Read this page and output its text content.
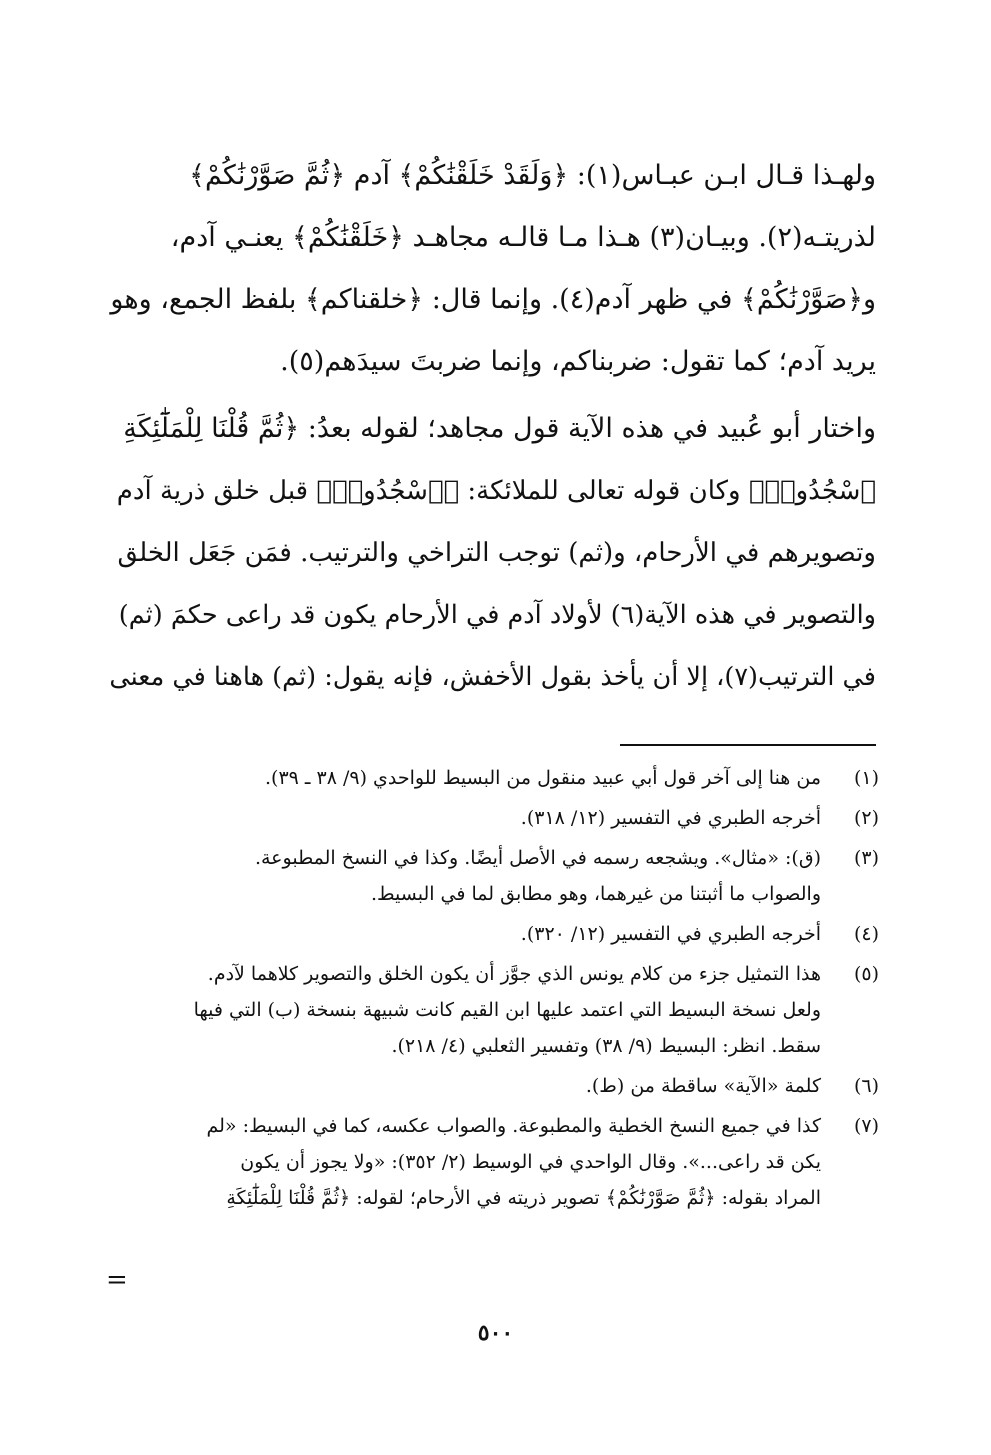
ولهـذا قـال ابـن عبـاس(١): ﴿وَلَقَدْ خَلَقْنَٰكُمْ﴾ آدم ﴿ثُمَّ صَوَّرْنَٰكُمْ﴾

لذريتـه(٢). وبيـان(٣) هـذا مـا قالـه مجاهـد ﴿خَلَقْنَٰكُمْ﴾ يعنـي آدم،

و﴿صَوَّرْنَٰكُمْ﴾ في ظهر آدم(٤). وإنما قال: ﴿خلقناكم﴾ بلفظ الجمع، وهو

يريد آدم؛ كما تقول: ضربناكم، وإنما ضربتَ سيدَهم(٥).

واختار أبو عُبيد في هذه الآية قول مجاهد؛ لقوله بعدُ: ﴿ثُمَّ قُلْنَا لِلْمَلَٰٓئِكَةِ

ٱسْجُدُوا۟﴾ وكان قوله تعالى للملائكة: ﴿ٱسْجُدُوا۟﴾ قبل خلق ذرية آدم

وتصويرهم في الأرحام، و(ثم) توجب التراخي والترتيب. فمَن جَعَل الخلق

والتصوير في هذه الآية(٦) لأولاد آدم في الأرحام يكون قد راعى حكمَ (ثم)

في الترتيب(٧)، إلا أن يأخذ بقول الأخفش، فإنه يقول: (ثم) هاهنا في معنى

(١)

من هنا إلى آخر قول أبي عبيد منقول من البسيط للواحدي (٩/ ٣٨ ـ ٣٩).

(٢)

أخرجه الطبري في التفسير (١٢/ ٣١٨).

(٣)

(ق): «مثال». ويشجعه رسمه في الأصل أيضًا. وكذا في النسخ المطبوعة.

والصواب ما أثبتنا من غيرهما، وهو مطابق لما في البسيط.

(٤)

أخرجه الطبري في التفسير (١٢/ ٣٢٠).

(٥)

هذا التمثيل جزء من كلام يونس الذي جوَّز أن يكون الخلق والتصوير كلاهما لآدم.

ولعل نسخة البسيط التي اعتمد عليها ابن القيم كانت شبيهة بنسخة (ب) التي فيها

سقط. انظر: البسيط (٩/ ٣٨) وتفسير الثعلبي (٤/ ٢١٨).

(٦)

كلمة «الآية» ساقطة من (ط).

(٧)

كذا في جميع النسخ الخطية والمطبوعة. والصواب عكسه، كما في البسيط: «لم

يكن قد راعى...». وقال الواحدي في الوسيط (٢/ ٣٥٢): «ولا يجوز أن يكون

المراد بقوله: ﴿ثُمَّ صَوَّرْنَٰكُمْ﴾ تصوير ذريته في الأرحام؛ لقوله: ﴿ثُمَّ قُلْنَا لِلْمَلَٰٓئِكَةِ

=
٥٠٠
